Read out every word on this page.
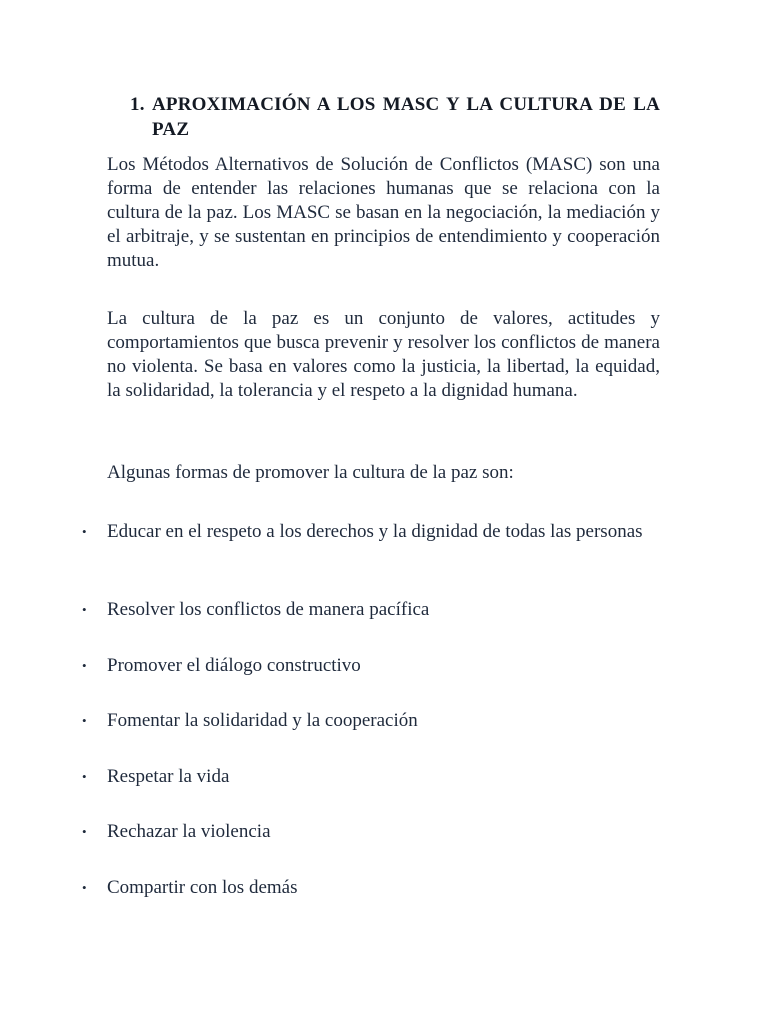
1. APROXIMACIÓN A LOS MASC Y LA CULTURA DE LA PAZ

Los Métodos Alternativos de Solución de Conflictos (MASC) son una forma de entender las relaciones humanas que se relaciona con la cultura de la paz. Los MASC se basan en la negociación, la mediación y el arbitraje, y se sustentan en principios de entendimiento y cooperación mutua.

La cultura de la paz es un conjunto de valores, actitudes y comportamientos que busca prevenir y resolver los conflictos de manera no violenta. Se basa en valores como la justicia, la libertad, la equidad, la solidaridad, la tolerancia y el respeto a la dignidad humana.

Algunas formas de promover la cultura de la paz son:

•	Educar en el respeto a los derechos y la dignidad de todas las personas
•	Resolver los conflictos de manera pacífica
•	Promover el diálogo constructivo
•	Fomentar la solidaridad y la cooperación
•	Respetar la vida
•	Rechazar la violencia
•	Compartir con los demás
